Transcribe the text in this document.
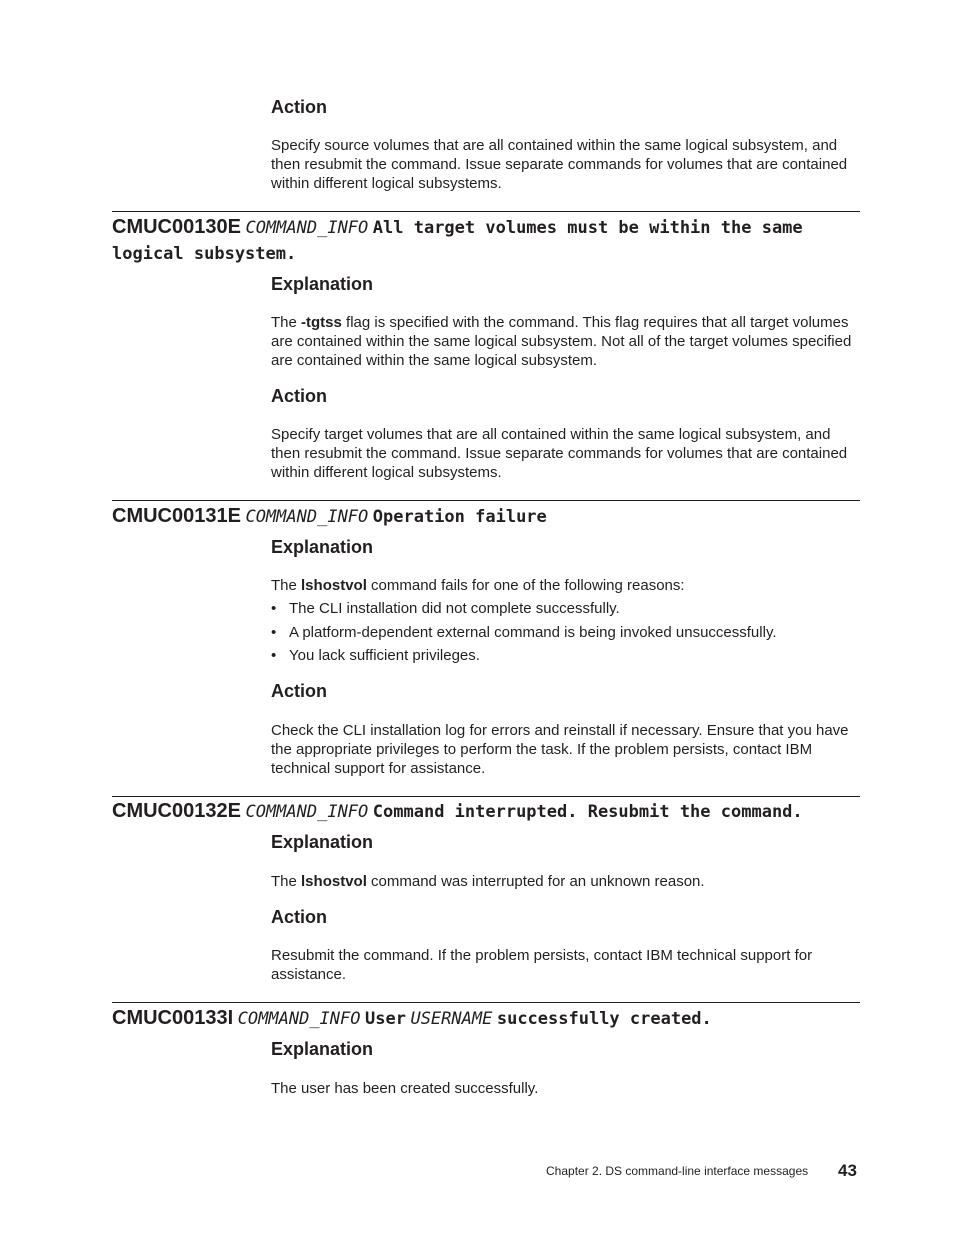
Action
Specify source volumes that are all contained within the same logical subsystem, and then resubmit the command. Issue separate commands for volumes that are contained within different logical subsystems.
CMUC00130E COMMAND_INFO All target volumes must be within the same
logical subsystem.
Explanation
The -tgtss flag is specified with the command. This flag requires that all target volumes are contained within the same logical subsystem. Not all of the target volumes specified are contained within the same logical subsystem.
Action
Specify target volumes that are all contained within the same logical subsystem, and then resubmit the command. Issue separate commands for volumes that are contained within different logical subsystems.
CMUC00131E COMMAND_INFO Operation failure
Explanation
The lshostvol command fails for one of the following reasons:
• The CLI installation did not complete successfully.
• A platform-dependent external command is being invoked unsuccessfully.
• You lack sufficient privileges.
Action
Check the CLI installation log for errors and reinstall if necessary. Ensure that you have the appropriate privileges to perform the task. If the problem persists, contact IBM technical support for assistance.
CMUC00132E COMMAND_INFO Command interrupted. Resubmit the command.
Explanation
The lshostvol command was interrupted for an unknown reason.
Action
Resubmit the command. If the problem persists, contact IBM technical support for assistance.
CMUC00133I COMMAND_INFO User USERNAME successfully created.
Explanation
The user has been created successfully.
Chapter 2. DS command-line interface messages 43
